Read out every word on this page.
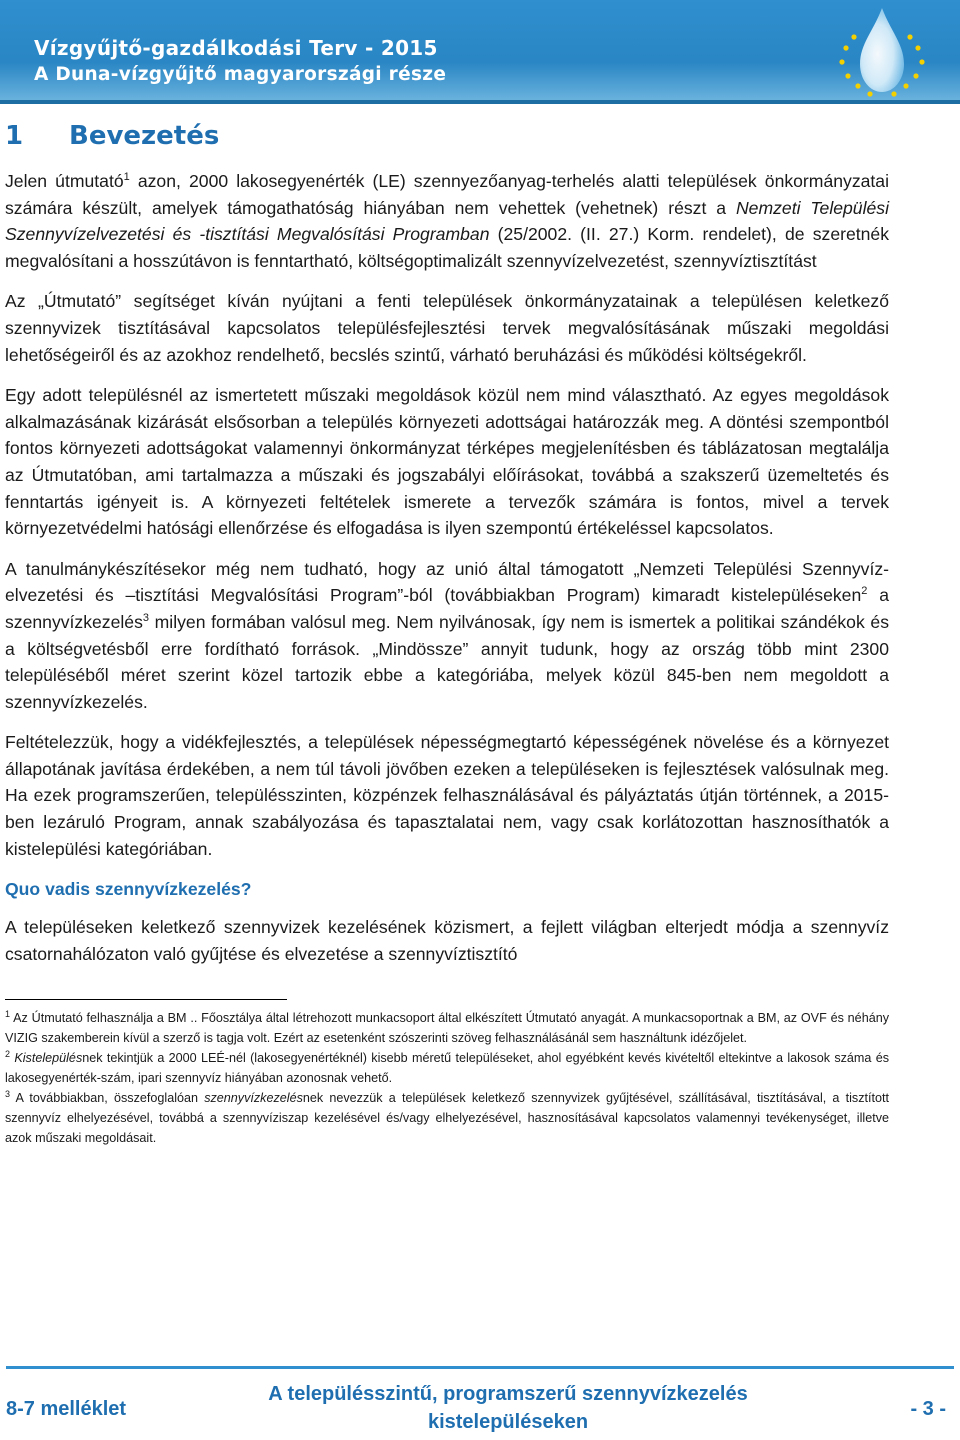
Vízgyűjtő-gazdálkodási Terv - 2015
A Duna-vízgyűjtő magyarországi része
1 Bevezetés

Jelen útmutató$^1$ azon, 2000 lakosegyenérték (LE) szennyezőanyag-terhelés alatti települések önkormányzatai számára készült, amelyek támogathatóság hiányában nem vehettek (vehetnek) részt a Nemzeti Települési Szennyvízelvezetési és -tisztítási Megvalósítási Programban (25/2002. (II. 27.) Korm. rendelet), de szeretnék megvalósítani a hosszútávon is fenntartható, költségoptimalizált szennyvízelvezetést, szennyvíztisztítást

Az „Útmutató” segítséget kíván nyújtani a fenti települések önkormányzatainak a településen keletkező szennyvizek tisztításával kapcsolatos településfejlesztési tervek megvalósításának műszaki megoldási lehetőségeiről és az azokhoz rendelhető, becslés szintű, várható beruházási és működési költségekről.

Egy adott településnél az ismertetett műszaki megoldások közül nem mind választható. Az egyes megoldások alkalmazásának kizárását elsősorban a település környezeti adottságai határozzák meg. A döntési szempontból fontos környezeti adottságokat valamennyi önkormányzat térképes megjelenítésben és táblázatosan megtalálja az Útmutatóban, ami tartalmazza a műszaki és jogszabályi előírásokat, továbbá a szakszerű üzemeltetés és fenntartás igényeit is. A környezeti feltételek ismerete a tervezők számára is fontos, mivel a tervek környezetvédelmi hatósági ellenőrzése és elfogadása is ilyen szempontú értékeléssel kapcsolatos.

A tanulmánykészítésekor még nem tudható, hogy az unió által támogatott „Nemzeti Települési Szennyvíz-elvezetési és –tisztítási Megvalósítási Program”-ból (továbbiakban Program) kimaradt kistelepüléseken$^2$ a szennyvízkezelés$^3$ milyen formában valósul meg. Nem nyilvánosak, így nem is ismertek a politikai szándékok és a költségvetésből erre fordítható források. „Mindössze” annyit tudunk, hogy az ország több mint 2300 településéből méret szerint közel tartozik ebbe a kategóriába, melyek közül 845-ben nem megoldott a szennyvízkezelés.

Feltételezzük, hogy a vidékfejlesztés, a települések népességmegtartó képességének növelése és a környezet állapotának javítása érdekében, a nem túl távoli jövőben ezeken a településeken is fejlesztések valósulnak meg. Ha ezek programszerűen, településszinten, közpénzek felhasználásával és pályáztatás útján történnek, a 2015-ben lezáruló Program, annak szabályozása és tapasztalatai nem, vagy csak korlátozottan hasznosíthatók a kistelepülési kategóriában.

Quo vadis szennyvízkezelés?

A településeken keletkező szennyvizek kezelésének közismert, a fejlett világban elterjedt módja a szennyvíz csatornahálózaton való gyűjtése és elvezetése a szennyvíztisztító

$^1$ Az Útmutató felhasználja a BM .. Főosztálya által létrehozott munkacsoport által elkészített Útmutató anyagát. A munkacsoportnak a BM, az OVF és néhány VIZIG szakemberein kívül a szerző is tagja volt. Ezért az esetenként szószerinti szöveg felhasználásánál sem használtunk idézőjelet.

$^2$ Kistelepülésnek tekintjük a 2000 LEÉ-nél (lakosegyenértéknél) kisebb méretű településeket, ahol egyébként kevés kivételtől eltekintve a lakosok száma és lakosegyenérték-szám, ipari szennyvíz hiányában azonosnak vehető.

$^3$ A továbbiakban, összefoglalóan szennyvízkezelésnek nevezzük a települések keletkező szennyvizek gyűjtésével, szállításával, tisztításával, a tisztított szennyvíz elhelyezésével, továbbá a szennyvíziszap kezelésével és/vagy elhelyezésével, hasznosításával kapcsolatos valamennyi tevékenységet, illetve azok műszaki megoldásait.

8-7 melléklet
A településszintű, programszerű szennyvízkezelés
kistelepüléseken
- 3 -
